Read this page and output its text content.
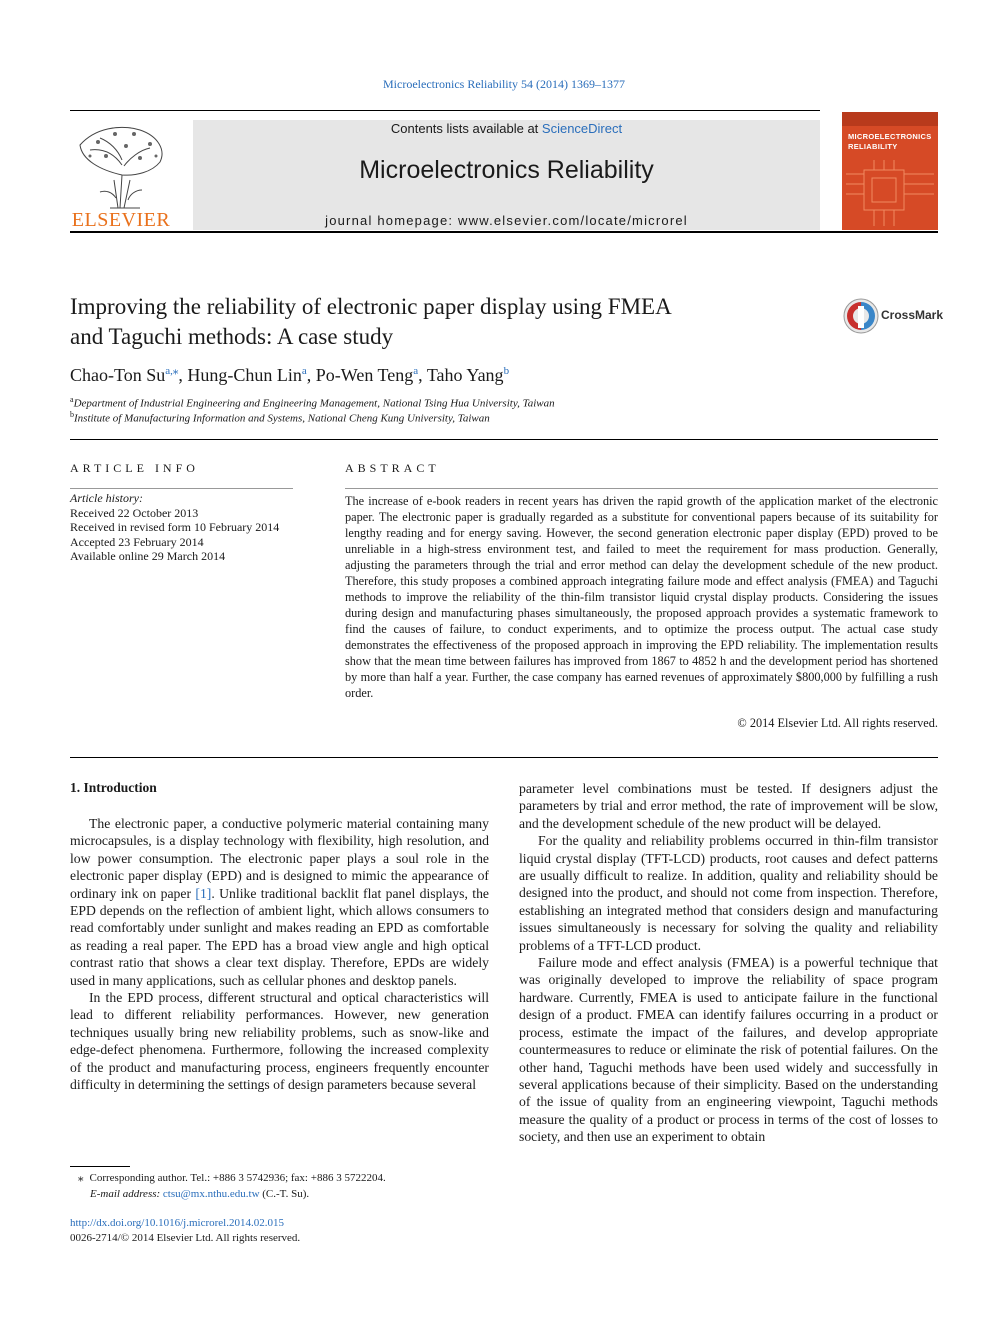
Microelectronics Reliability 54 (2014) 1369–1377
ELSEVIER
Contents lists available at ScienceDirect
Microelectronics Reliability
journal homepage: www.elsevier.com/locate/microrel
MICROELECTRONICS
RELIABILITY
Improving the reliability of electronic paper display using FMEA
and Taguchi methods: A case study
CrossMark
Chao-Ton $Su^{a,⁎}$, Hung-Chun Lin$^a$, Po-Wen Teng$^a$, Taho Yang$^b$
$^a$Department of Industrial Engineering and Engineering Management, National Tsing Hua University, Taiwan
$^b$Institute of Manufacturing Information and Systems, National Cheng Kung University, Taiwan
ARTICLE INFO
Article history:
Received 22 October 2013
Received in revised form 10 February 2014
Accepted 23 February 2014
Available online 29 March 2014
ABSTRACT
The increase of e-book readers in recent years has driven the rapid growth of the application market of the electronic paper. The electronic paper is gradually regarded as a substitute for conventional papers because of its suitability for lengthy reading and for energy saving. However, the second generation electronic paper display (EPD) proved to be unreliable in a high-stress environment test, and failed to meet the requirement for mass production. Generally, adjusting the parameters through the trial and error method can delay the development schedule of the new product. Therefore, this study proposes a combined approach integrating failure mode and effect analysis (FMEA) and Taguchi methods to improve the reliability of the thin-film transistor liquid crystal display products. Considering the issues during design and manufacturing phases simultaneously, the proposed approach provides a systematic framework to find the causes of failure, to conduct experiments, and to optimize the process output. The actual case study demonstrates the effectiveness of the proposed approach in improving the EPD reliability. The implementation results show that the mean time between failures has improved from 1867 to 4852 h and the development period has shortened by more than half a year. Further, the case company has earned revenues of approximately $800,000 by fulfilling a rush order.
© 2014 Elsevier Ltd. All rights reserved.
1. Introduction

The electronic paper, a conductive polymeric material containing many microcapsules, is a display technology with flexibility, high resolution, and low power consumption. The electronic paper plays a soul role in the electronic paper display (EPD) and is designed to mimic the appearance of ordinary ink on paper [1]. Unlike traditional backlit flat panel displays, the EPD depends on the reflection of ambient light, which allows consumers to read comfortably under sunlight and makes reading an EPD as comfortable as reading a real paper. The EPD has a broad view angle and high optical contrast ratio that shows a clear text display. Therefore, EPDs are widely used in many applications, such as cellular phones and desktop panels.

In the EPD process, different structural and optical characteristics will lead to different reliability performances. However, new generation techniques usually bring new reliability problems, such as snow-like and edge-defect phenomena. Furthermore, following the increased complexity of the product and manufacturing process, engineers frequently encounter difficulty in determining the settings of design parameters because several

parameter level combinations must be tested. If designers adjust the parameters by trial and error method, the rate of improvement will be slow, and the development schedule of the new product will be delayed.

For the quality and reliability problems occurred in thin-film transistor liquid crystal display (TFT-LCD) products, root causes and defect patterns are usually difficult to realize. In addition, quality and reliability should be designed into the product, and should not come from inspection. Therefore, establishing an integrated method that considers design and manufacturing issues simultaneously is necessary for solving the quality and reliability problems of a TFT-LCD product.

Failure mode and effect analysis (FMEA) is a powerful technique that was originally developed to improve the reliability of space program hardware. Currently, FMEA is used to anticipate failure in the functional design of a product. FMEA can identify failures occurring in a product or process, estimate the impact of the failures, and develop appropriate countermeasures to reduce or eliminate the risk of potential failures. On the other hand, Taguchi methods have been used widely and successfully in several applications because of their simplicity. Based on the understanding of the issue of quality from an engineering viewpoint, Taguchi methods measure the quality of a product or process in terms of the cost of losses to society, and then use an experiment to obtain

⁎ Corresponding author. Tel.: +886 3 5742936; fax: +886 3 5722204.
E-mail address: ctsu@mx.nthu.edu.tw (C.-T. Su).
http://dx.doi.org/10.1016/j.microrel.2014.02.015
0026-2714/© 2014 Elsevier Ltd. All rights reserved.
